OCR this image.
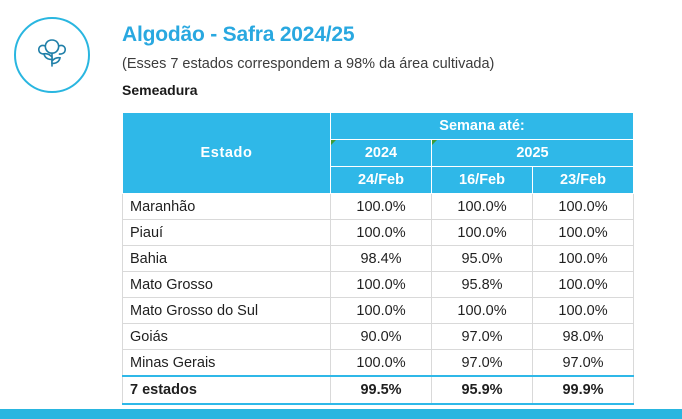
Algodão - Safra 2024/25
(Esses 7 estados correspondem a 98% da área cultivada)
Semeadura
Estado	Semana até:		
	2024	2025	
	24/Feb	16/Feb	23/Feb
Maranhão	100.0%	100.0%	100.0%
Piauí	100.0%	100.0%	100.0%
Bahia	98.4%	95.0%	100.0%
Mato Grosso	100.0%	95.8%	100.0%
Mato Grosso do Sul	100.0%	100.0%	100.0%
Goiás	90.0%	97.0%	98.0%
Minas Gerais	100.0%	97.0%	97.0%
7 estados	99.5%	95.9%	99.9%
